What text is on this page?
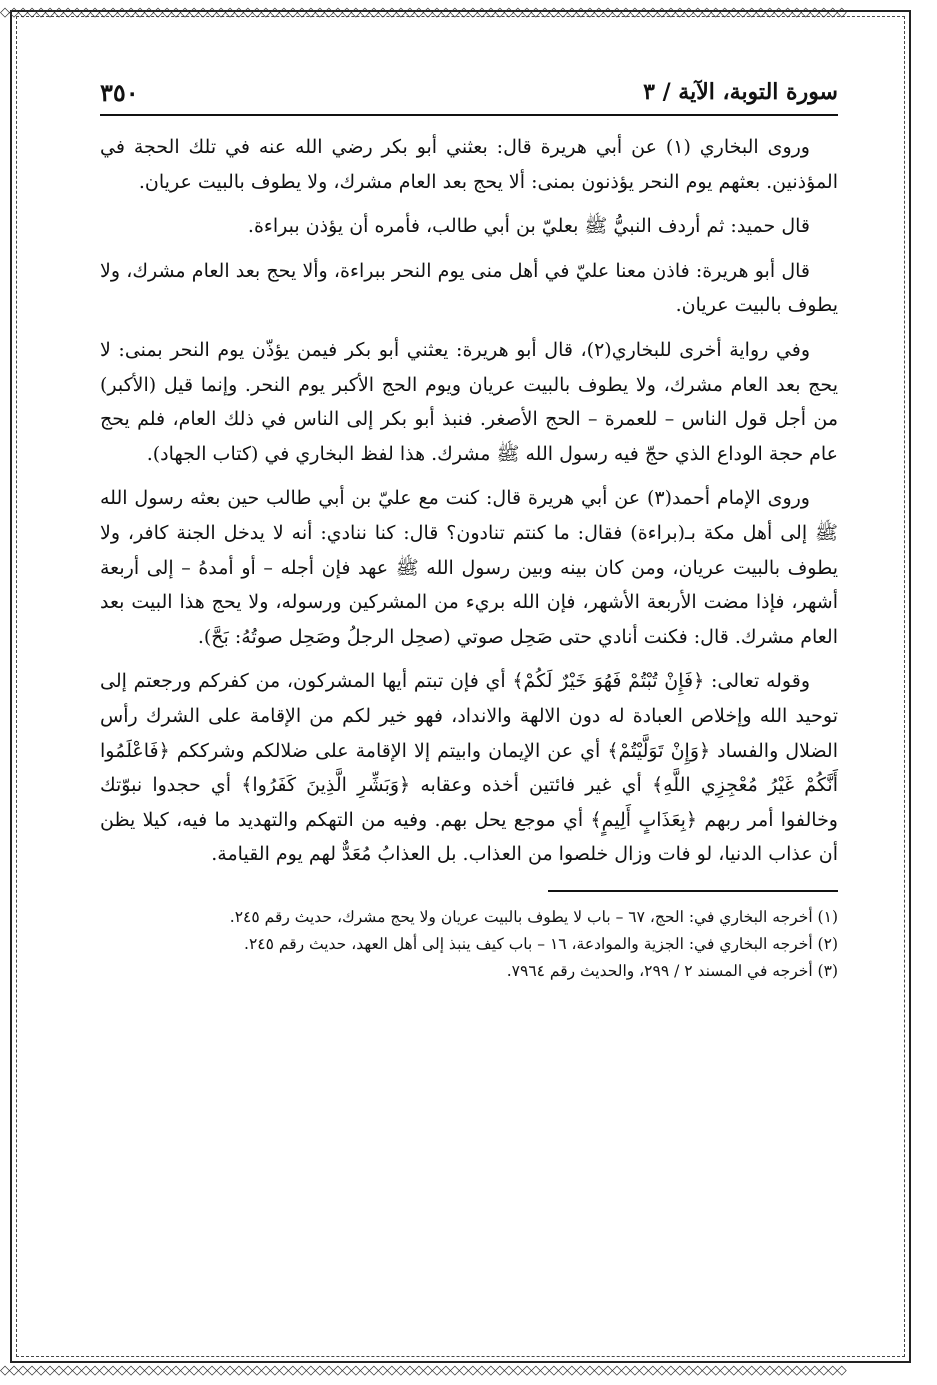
◇◇◇◇◇◇◇◇◇◇◇◇◇◇◇◇◇◇◇◇◇◇◇◇◇◇◇◇◇◇◇◇◇◇◇◇◇◇◇◇◇◇◇◇◇◇◇◇◇◇◇◇◇◇◇◇◇◇◇◇◇◇◇◇◇◇◇◇◇◇◇◇◇◇◇◇◇◇◇◇◇◇◇◇◇◇◇◇◇◇◇◇◇◇
◇◇◇◇◇◇◇◇◇◇◇◇◇◇◇◇◇◇◇◇◇◇◇◇◇◇◇◇◇◇◇◇◇◇◇◇◇◇◇◇◇◇◇◇◇◇◇◇◇◇◇◇◇◇◇◇◇◇◇◇◇◇◇◇◇◇◇◇◇◇◇◇◇◇◇◇◇◇◇◇◇◇◇◇◇◇◇◇◇◇◇◇◇◇
سورة التوبة، الآية / ٣
٣٥٠

وروى البخاري (١) عن أبي هريرة قال: بعثني أبو بكر رضي الله عنه في تلك الحجة في المؤذنين. بعثهم يوم النحر يؤذنون بمنى: ألا يحج بعد العام مشرك، ولا يطوف بالبيت عريان.

قال حميد: ثم أردف النبيُّ ﷺ بعليّ بن أبي طالب، فأمره أن يؤذن ببراءة.

قال أبو هريرة: فاذن معنا عليّ في أهل منى يوم النحر ببراءة، وألا يحج بعد العام مشرك، ولا يطوف بالبيت عريان.

وفي رواية أخرى للبخاري(٢)، قال أبو هريرة: يعثني أبو بكر فيمن يؤذّن يوم النحر بمنى: لا يحج بعد العام مشرك، ولا يطوف بالبيت عريان ويوم الحج الأكبر يوم النحر. وإنما قيل (الأكبر) من أجل قول الناس – للعمرة – الحج الأصغر. فنبذ أبو بكر إلى الناس في ذلك العام، فلم يحج عام حجة الوداع الذي حجّ فيه رسول الله ﷺ مشرك. هذا لفظ البخاري في (كتاب الجهاد).

وروى الإمام أحمد(٣) عن أبي هريرة قال: كنت مع عليّ بن أبي طالب حين بعثه رسول الله ﷺ إلى أهل مكة بـ(براءة) فقال: ما كنتم تنادون؟ قال: كنا ننادي: أنه لا يدخل الجنة كافر، ولا يطوف بالبيت عريان، ومن كان بينه وبين رسول الله ﷺ عهد فإن أجله – أو أمدهُ – إلى أربعة أشهر، فإذا مضت الأربعة الأشهر، فإن الله بريء من المشركين ورسوله، ولا يحج هذا البيت بعد العام مشرك. قال: فكنت أنادي حتى صَحِل صوتي (صحِل الرجلُ وصَحِل صوتُهُ: بَحَّ).

وقوله تعالى: ﴿فَإِنْ تُبْتُمْ فَهُوَ خَيْرٌ لَكُمْ﴾ أي فإن تبتم أيها المشركون، من كفركم ورجعتم إلى توحيد الله وإخلاص العبادة له دون الالهة والانداد، فهو خير لكم من الإقامة على الشرك رأس الضلال والفساد ﴿وَإِنْ تَوَلَّيْتُمْ﴾ أي عن الإيمان وابيتم إلا الإقامة على ضلالكم وشرككم ﴿فَاعْلَمُوا أَنَّكُمْ غَيْرُ مُعْجِزِي اللَّهِ﴾ أي غير فائتين أخذه وعقابه ﴿وَبَشِّرِ الَّذِينَ كَفَرُوا﴾ أي حجدوا نبوّتك وخالفوا أمر ربهم ﴿بِعَذَابٍ أَلِيمٍ﴾ أي موجع يحل بهم. وفيه من التهكم والتهديد ما فيه، كيلا يظن أن عذاب الدنيا، لو فات وزال خلصوا من العذاب. بل العذابُ مُعَدٌّ لهم يوم القيامة.

(١) أخرجه البخاري في: الحج، ٦٧ – باب لا يطوف بالبيت عريان ولا يحج مشرك، حديث رقم ٢٤٥.

(٢) أخرجه البخاري في: الجزية والموادعة، ١٦ – باب كيف ينبذ إلى أهل العهد، حديث رقم ٢٤٥.

(٣) أخرجه في المسند ٢ / ٢٩٩، والحديث رقم ٧٩٦٤.
